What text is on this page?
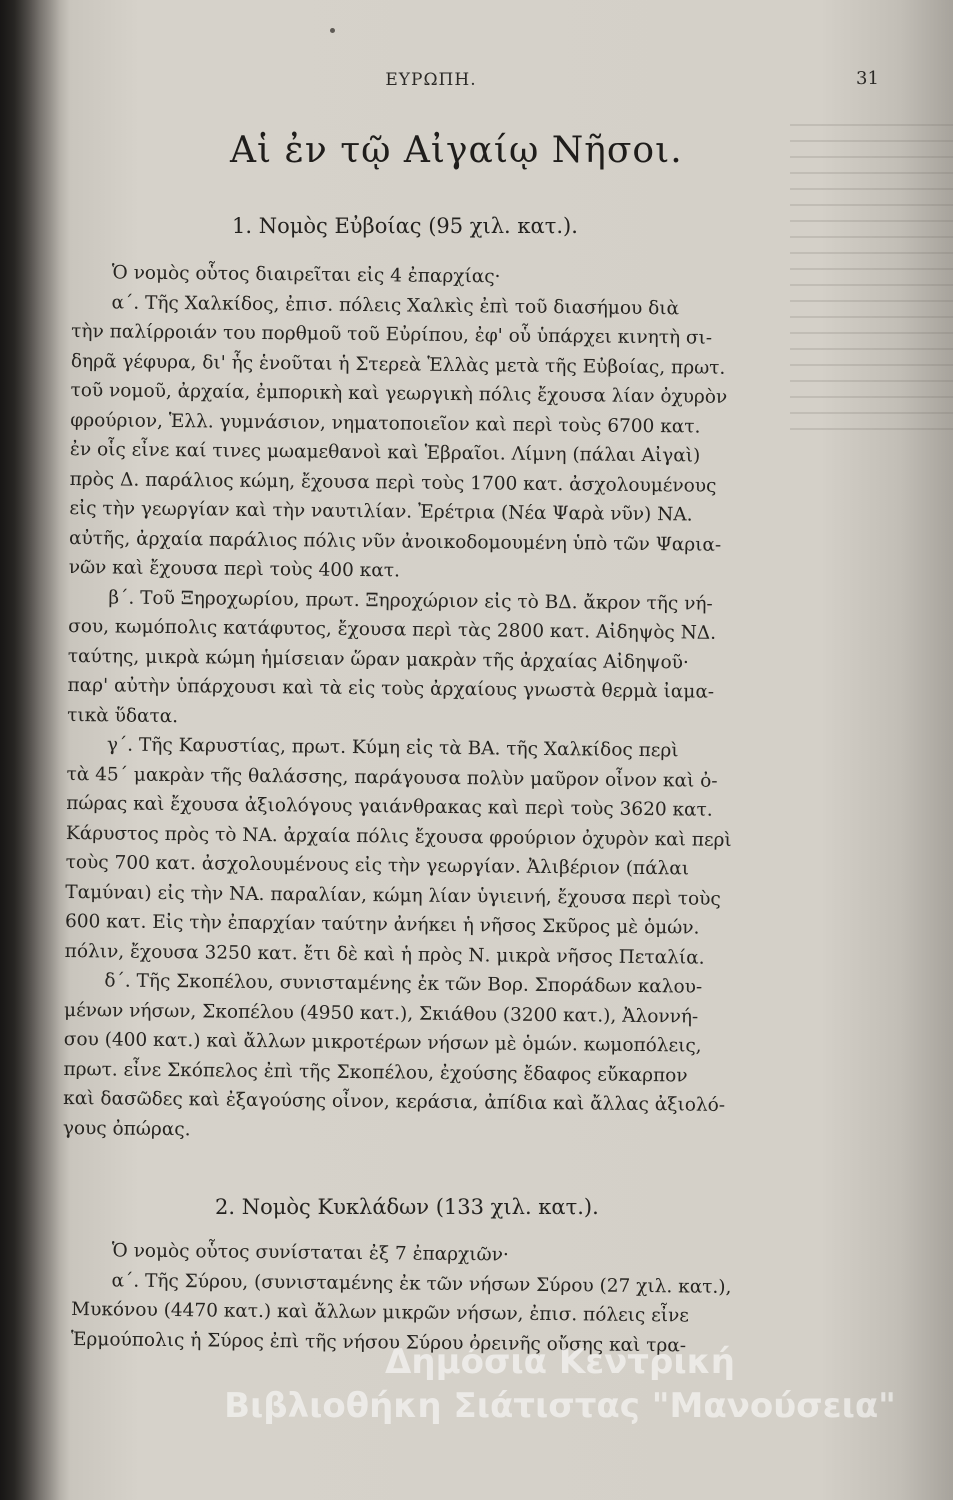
ΕΥΡΩΠΗ.	31
Αἱ ἐν τῷ Αἰγαίῳ Νῆσοι.
1. Νομὸς Εὐβοίας (95 χιλ. κατ.).

Ὁ νομὸς οὗτος διαιρεῖται εἰς 4 ἐπαρχίας·

α΄. Τῆς Χαλκίδος, ἐπισ. πόλεις Χαλκὶς ἐπὶ τοῦ διασήμου διὰ

τὴν παλίρροιάν του πορθμοῦ τοῦ Εὐρίπου, ἐφ' οὗ ὑπάρχει κινητὴ σι-

δηρᾶ γέφυρα, δι' ἧς ἑνοῦται ἡ Στερεὰ Ἑλλὰς μετὰ τῆς Εὐβοίας, πρωτ.

τοῦ νομοῦ, ἀρχαία, ἐμπορικὴ καὶ γεωργικὴ πόλις ἔχουσα λίαν ὀχυρὸν

φρούριον, Ἑλλ. γυμνάσιον, νηματοποιεῖον καὶ περὶ τοὺς 6700 κατ.

ἐν οἷς εἶνε καί τινες μωαμεθανοὶ καὶ Ἑβραῖοι. Λίμνη (πάλαι Αἰγαὶ)

πρὸς Δ. παράλιος κώμη, ἔχουσα περὶ τοὺς 1700 κατ. ἀσχολουμένους

εἰς τὴν γεωργίαν καὶ τὴν ναυτιλίαν. Ἐρέτρια (Νέα Ψαρὰ νῦν) ΝΑ.

αὐτῆς, ἀρχαία παράλιος πόλις νῦν ἀνοικοδομουμένη ὑπὸ τῶν Ψαρια-

νῶν καὶ ἔχουσα περὶ τοὺς 400 κατ.

β΄. Τοῦ Ξηροχωρίου, πρωτ. Ξηροχώριον εἰς τὸ ΒΔ. ἄκρον τῆς νή-

σου, κωμόπολις κατάφυτος, ἔχουσα περὶ τὰς 2800 κατ. Αἰδηψὸς ΝΔ.

ταύτης, μικρὰ κώμη ἡμίσειαν ὥραν μακρὰν τῆς ἀρχαίας Αἰδηψοῦ·

παρ' αὐτὴν ὑπάρχουσι καὶ τὰ εἰς τοὺς ἀρχαίους γνωστὰ θερμὰ ἰαμα-

τικὰ ὕδατα.

γ΄. Τῆς Καρυστίας, πρωτ. Κύμη εἰς τὰ ΒΑ. τῆς Χαλκίδος περὶ

τὰ 45΄ μακρὰν τῆς θαλάσσης, παράγουσα πολὺν μαῦρον οἶνον καὶ ὀ-

πώρας καὶ ἔχουσα ἀξιολόγους γαιάνθρακας καὶ περὶ τοὺς 3620 κατ.

Κάρυστος πρὸς τὸ ΝΑ. ἀρχαία πόλις ἔχουσα φρούριον ὀχυρὸν καὶ περὶ

τοὺς 700 κατ. ἀσχολουμένους εἰς τὴν γεωργίαν. Ἀλιβέριον (πάλαι

Ταμύναι) εἰς τὴν ΝΑ. παραλίαν, κώμη λίαν ὑγιεινή, ἔχουσα περὶ τοὺς

600 κατ. Εἰς τὴν ἐπαρχίαν ταύτην ἀνήκει ἡ νῆσος Σκῦρος μὲ ὁμών.

πόλιν, ἔχουσα 3250 κατ. ἔτι δὲ καὶ ἡ πρὸς Ν. μικρὰ νῆσος Πεταλία.

δ΄. Τῆς Σκοπέλου, συνισταμένης ἐκ τῶν Βορ. Σποράδων καλου-

μένων νήσων, Σκοπέλου (4950 κατ.), Σκιάθου (3200 κατ.), Ἀλοννή-

σου (400 κατ.) καὶ ἄλλων μικροτέρων νήσων μὲ ὁμών. κωμοπόλεις,

πρωτ. εἶνε Σκόπελος ἐπὶ τῆς Σκοπέλου, ἐχούσης ἔδαφος εὔκαρπον

καὶ δασῶδες καὶ ἐξαγούσης οἶνον, κεράσια, ἀπίδια καὶ ἄλλας ἀξιολό-

γους ὀπώρας.

2. Νομὸς Κυκλάδων (133 χιλ. κατ.).

Ὁ νομὸς οὗτος συνίσταται ἐξ 7 ἐπαρχιῶν·

α΄. Τῆς Σύρου, (συνισταμένης ἐκ τῶν νήσων Σύρου (27 χιλ. κατ.),

Μυκόνου (4470 κατ.) καὶ ἄλλων μικρῶν νήσων, ἐπισ. πόλεις εἶνε

Ἑρμούπολις ἡ Σύρος ἐπὶ τῆς νήσου Σύρου ὀρεινῆς οὔσης καὶ τρα-

Δημόσια Κεντρική
Βιβλιοθήκη Σιάτιστας "Μανούσεια"
